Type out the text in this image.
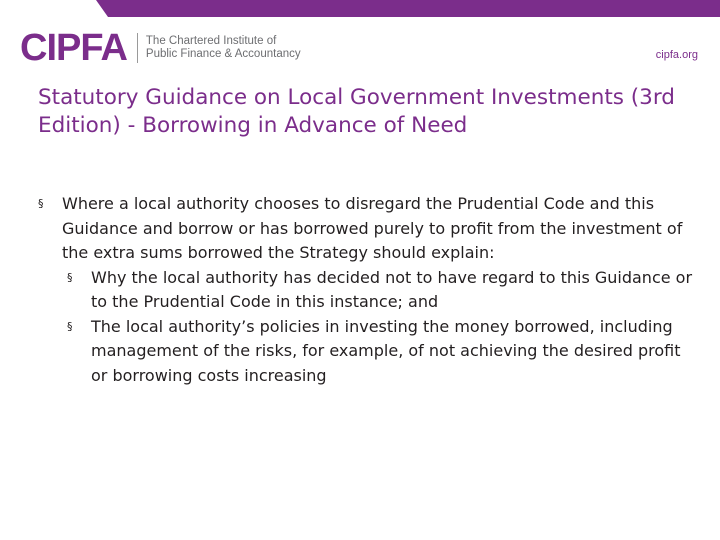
CIPFA The Chartered Institute of
Public Finance & Accountancy	cipfa.org
Statutory Guidance on Local Government Investments (3rd Edition) - Borrowing in Advance of Need

§ Where a local authority chooses to disregard the Prudential Code and this Guidance and borrow or has borrowed purely to profit from the investment of the extra sums borrowed the Strategy should explain:

§ Why the local authority has decided not to have regard to this Guidance or to the Prudential Code in this instance; and

§ The local authority’s policies in investing the money borrowed, including management of the risks, for example, of not achieving the desired profit or borrowing costs increasing
